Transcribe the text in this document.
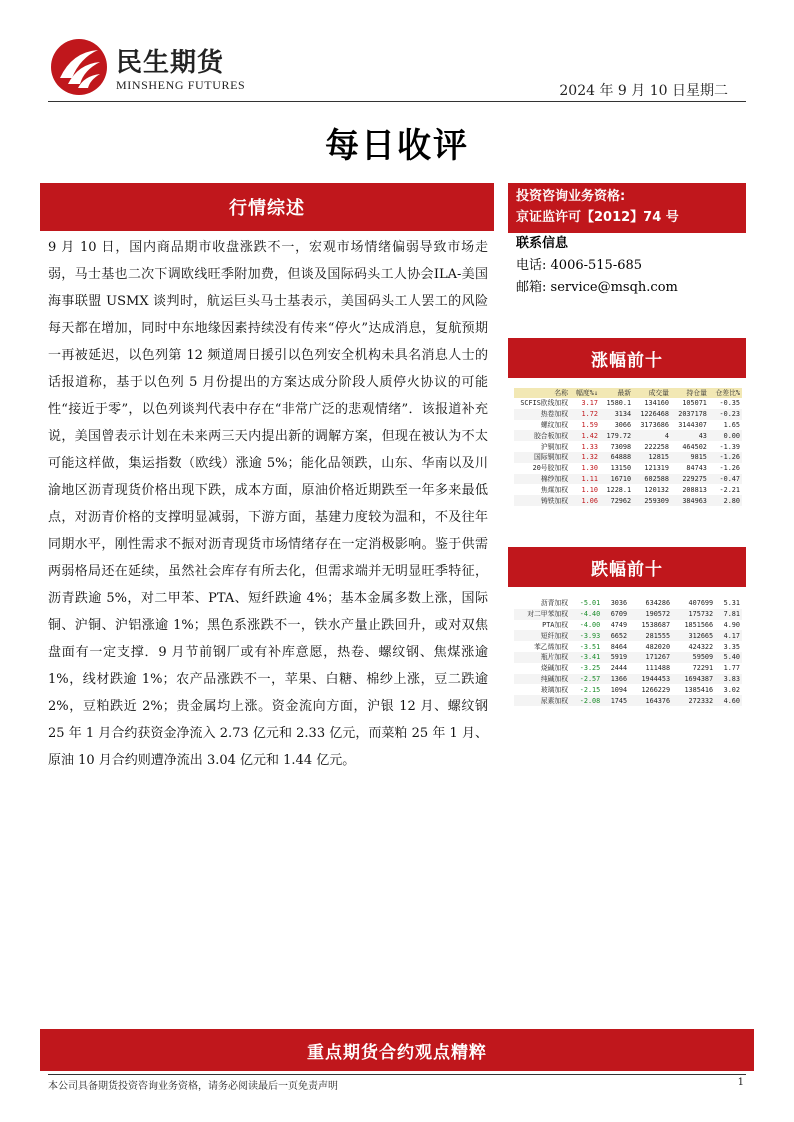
民生期货
MINSHENG FUTURES	2024 年 9 月 10 日星期二
每日收评
行情综述
9 月 10 日，国内商品期市收盘涨跌不一，宏观市场情绪偏弱导致市场走弱，马士基也二次下调欧线旺季附加费，但谈及国际码头工人协会ILA-美国海事联盟 USMX 谈判时，航运巨头马士基表示，美国码头工人罢工的风险每天都在增加，同时中东地缘因素持续没有传来“停火”达成消息，复航预期一再被延迟，以色列第 12 频道周日援引以色列安全机构未具名消息人士的话报道称，基于以色列 5 月份提出的方案达成分阶段人质停火协议的可能性“接近于零”，以色列谈判代表中存在“非常广泛的悲观情绪”．该报道补充说，美国曾表示计划在未来两三天内提出新的调解方案，但现在被认为不太可能这样做，集运指数（欧线）涨逾 5%；能化品领跌，山东、华南以及川渝地区沥青现货价格出现下跌，成本方面，原油价格近期跌至一年多来最低点，对沥青价格的支撑明显减弱，下游方面，基建力度较为温和，不及往年同期水平，刚性需求不振对沥青现货市场情绪存在一定消极影响。鉴于供需两弱格局还在延续，虽然社会库存有所去化，但需求端并无明显旺季特征，沥青跌逾 5%，对二甲苯、PTA、短纤跌逾 4%；基本金属多数上涨，国际铜、沪铜、沪铝涨逾 1%；黑色系涨跌不一，铁水产量止跌回升，或对双焦盘面有一定支撑．9 月节前钢厂或有补库意愿，热卷、螺纹钢、焦煤涨逾 1%，线材跌逾 1%；农产品涨跌不一，苹果、白糖、棉纱上涨，豆二跌逾 2%，豆粕跌近 2%；贵金属均上涨。资金流向方面，沪银 12 月、螺纹钢 25 年 1 月合约获资金净流入 2.73 亿元和 2.33 亿元，而菜粕 25 年 1 月、原油 10 月合约则遭净流出 3.04 亿元和 1.44 亿元。
投资咨询业务资格:
京证监许可【2012】74 号
联系信息
电话: 4006-515-685
邮箱: service@msqh.com
涨幅前十
名称	幅度%↓	最新	成交量	持仓量	仓差比%
SCFIS欧线加权	3.17	1580.1	134160	105071	-0.35
热卷加权	1.72	3134	1226468	2037178	-0.23
螺纹加权	1.59	3066	3173686	3144307	1.65
胶合板加权	1.42	179.72	4	43	0.00
沪铜加权	1.33	73098	222258	464502	-1.39
国际铜加权	1.32	64888	12815	9815	-1.26
20号胶加权	1.30	13150	121319	84743	-1.26
棉纱加权	1.11	16710	602588	229275	-0.47
焦煤加权	1.10	1228.1	120132	208813	-2.21
铸铁加权	1.06	72962	259309	384963	2.80
跌幅前十
沥青加权	-5.01	3036	634286	407699	5.31
对二甲苯加权	-4.40	6709	190572	175732	7.81
PTA加权	-4.00	4749	1538687	1851566	4.90
短纤加权	-3.93	6652	281555	312665	4.17
苯乙烯加权	-3.51	8464	482020	424322	3.35
瓶片加权	-3.41	5919	171267	59509	5.40
烧碱加权	-3.25	2444	111488	72291	1.77
纯碱加权	-2.57	1366	1944453	1694387	3.83
玻璃加权	-2.15	1094	1266229	1385416	3.02
尿素加权	-2.08	1745	164376	272332	4.60
重点期货合约观点精粹
本公司具备期货投资咨询业务资格，请务必阅读最后一页免责声明	1
